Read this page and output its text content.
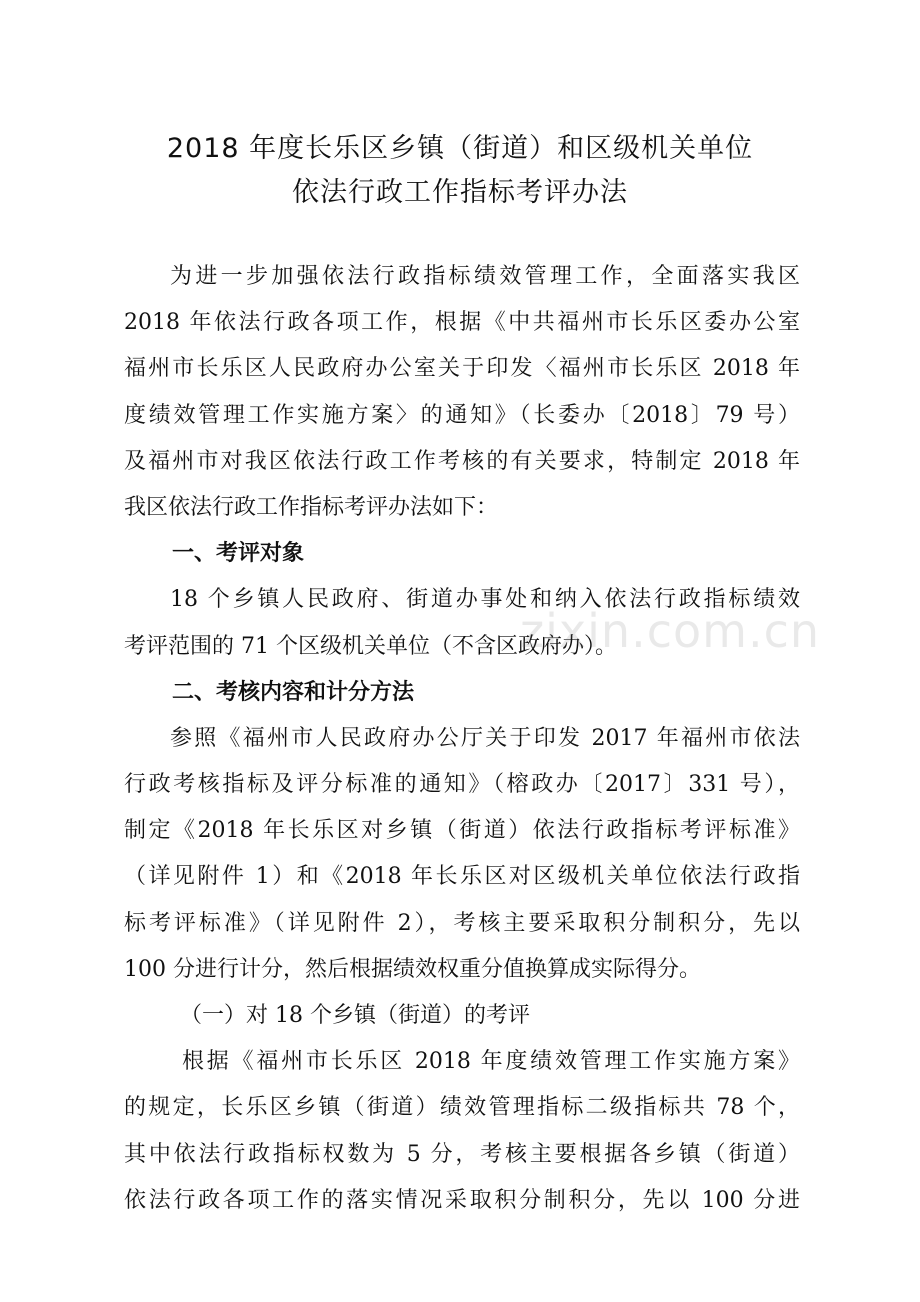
2018 年度长乐区乡镇（街道）和区级机关单位
依法行政工作指标考评办法
为进一步加强依法行政指标绩效管理工作，全面落实我区
2018 年依法行政各项工作，根据《中共福州市长乐区委办公室
福州市长乐区人民政府办公室关于印发〈福州市长乐区 2018 年
度绩效管理工作实施方案〉的通知》（长委办〔2018〕79 号）
及福州市对我区依法行政工作考核的有关要求，特制定 2018 年
我区依法行政工作指标考评办法如下：
一、考评对象
18 个乡镇人民政府、街道办事处和纳入依法行政指标绩效
考评范围的 71 个区级机关单位（不含区政府办）。
二、考核内容和计分方法
参照《福州市人民政府办公厅关于印发 2017 年福州市依法
行政考核指标及评分标准的通知》（榕政办〔2017〕331 号），
制定《2018 年长乐区对乡镇（街道）依法行政指标考评标准》
（详见附件 1）和《2018 年长乐区对区级机关单位依法行政指
标考评标准》（详见附件 2），考核主要采取积分制积分，先以
100 分进行计分，然后根据绩效权重分值换算成实际得分。
（一）对 18 个乡镇（街道）的考评
根据《福州市长乐区 2018 年度绩效管理工作实施方案》
的规定，长乐区乡镇（街道）绩效管理指标二级指标共 78 个，
其中依法行政指标权数为 5 分，考核主要根据各乡镇（街道）
依法行政各项工作的落实情况采取积分制积分，先以 100 分进
zixin.com.cn
